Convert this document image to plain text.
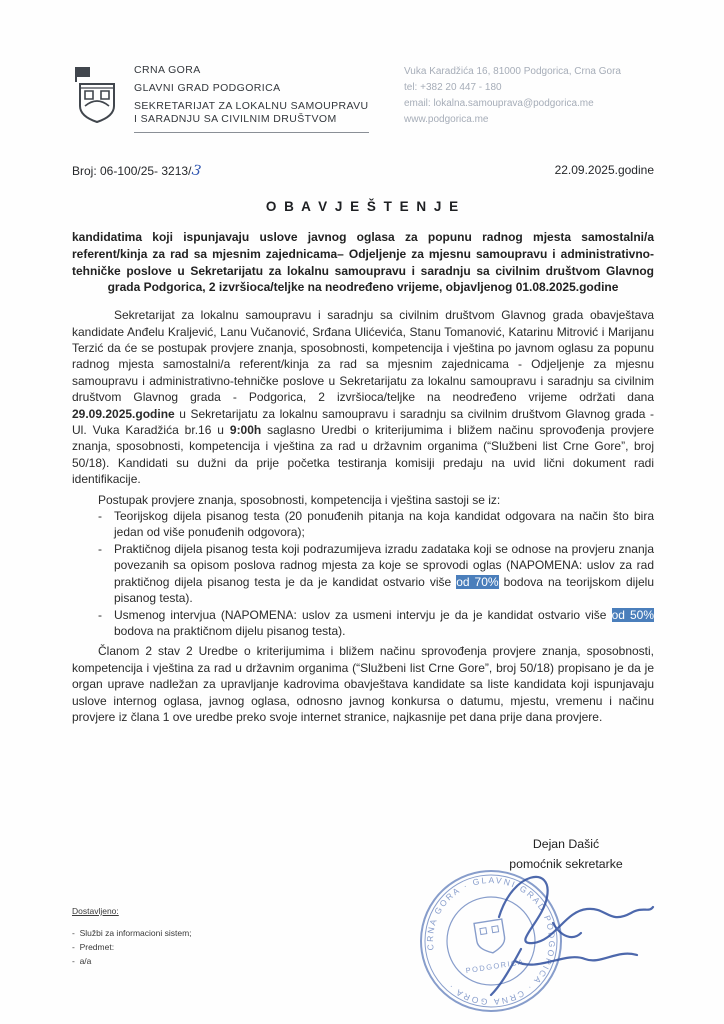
CRNA GORA
GLAVNI GRAD PODGORICA
SEKRETARIJAT ZA LOKALNU SAMOUPRAVU
I SARADNJU SA CIVILNIM DRUŠTVOM
Vuka Karadžića 16, 81000 Podgorica, Crna Gora
tel: +382 20 447 - 180
email: lokalna.samouprava@podgorica.me
www.podgorica.me
Broj: 06-100/25- 3213/3	22.09.2025.godine
O B A V J E Š T E N J E

kandidatima koji ispunjavaju uslove javnog oglasa za popunu radnog mjesta samostalni/a referent/kinja za rad sa mjesnim zajednicama– Odjeljenje za mjesnu samoupravu i administrativno-tehničke poslove u Sekretarijatu za lokalnu samoupravu i saradnju sa civilnim društvom Glavnog grada Podgorica, 2 izvršioca/teljke na neodređeno vrijeme, objavljenog 01.08.2025.godine

Sekretarijat za lokalnu samoupravu i saradnju sa civilnim društvom Glavnog grada obavještava kandidate Anđelu Kraljević, Lanu Vučanović, Srđana Ulićevića, Stanu Tomanović, Katarinu Mitrović i Marijanu Terzić da će se postupak provjere znanja, sposobnosti, kompetencija i vještina po javnom oglasu za popunu radnog mjesta samostalni/a referent/kinja za rad sa mjesnim zajednicama - Odjeljenje za mjesnu samoupravu i administrativno-tehničke poslove u Sekretarijatu za lokalnu samoupravu i saradnju sa civilnim društvom Glavnog grada - Podgorica, 2 izvršioca/teljke na neodređeno vrijeme održati dana 29.09.2025.godine u Sekretarijatu za lokalnu samoupravu i saradnju sa civilnim društvom Glavnog grada - Ul. Vuka Karadžića br.16 u 9:00h saglasno Uredbi o kriterijumima i bližem načinu sprovođenja provjere znanja, sposobnosti, kompetencija i vještina za rad u državnim organima (“Službeni list Crne Gore”, broj 50/18). Kandidati su dužni da prije početka testiranja komisiji predaju na uvid lični dokument radi identifikacije.

Postupak provjere znanja, sposobnosti, kompetencija i vještina sastoji se iz:

-	Teorijskog dijela pisanog testa (20 ponuđenih pitanja na koja kandidat odgovara na način što bira jedan od više ponuđenih odgovora);
-	Praktičnog dijela pisanog testa koji podrazumijeva izradu zadataka koji se odnose na provjeru znanja povezanih sa opisom poslova radnog mjesta za koje se sprovodi oglas (NAPOMENA: uslov za rad praktičnog dijela pisanog testa je da je kandidat ostvario više od 70% bodova na teorijskom dijelu pisanog testa).
-	Usmenog intervjua (NAPOMENA: uslov za usmeni intervju je da je kandidat ostvario više od 50% bodova na praktičnom dijelu pisanog testa).

Članom 2 stav 2 Uredbe o kriterijumima i bližem načinu sprovođenja provjere znanja, sposobnosti, kompetencija i vještina za rad u državnim organima (“Službeni list Crne Gore”, broj 50/18) propisano je da je organ uprave nadležan za upravljanje kadrovima obavještava kandidate sa liste kandidata koji ispunjavaju uslove internog oglasa, javnog oglasa, odnosno javnog konkursa o datumu, mjestu, vremenu i načinu provjere iz člana 1 ove uredbe preko svoje internet stranice, najkasnije pet dana prije dana provjere.

Dejan Dašić
pomoćnik sekretarke
CRNA GORA · GLAVNI GRAD PODGORICA · CRNA GORA ·
PODGORICA
Dostavljeno:
- Službi za informacioni sistem;
- Predmet:
- a/a
